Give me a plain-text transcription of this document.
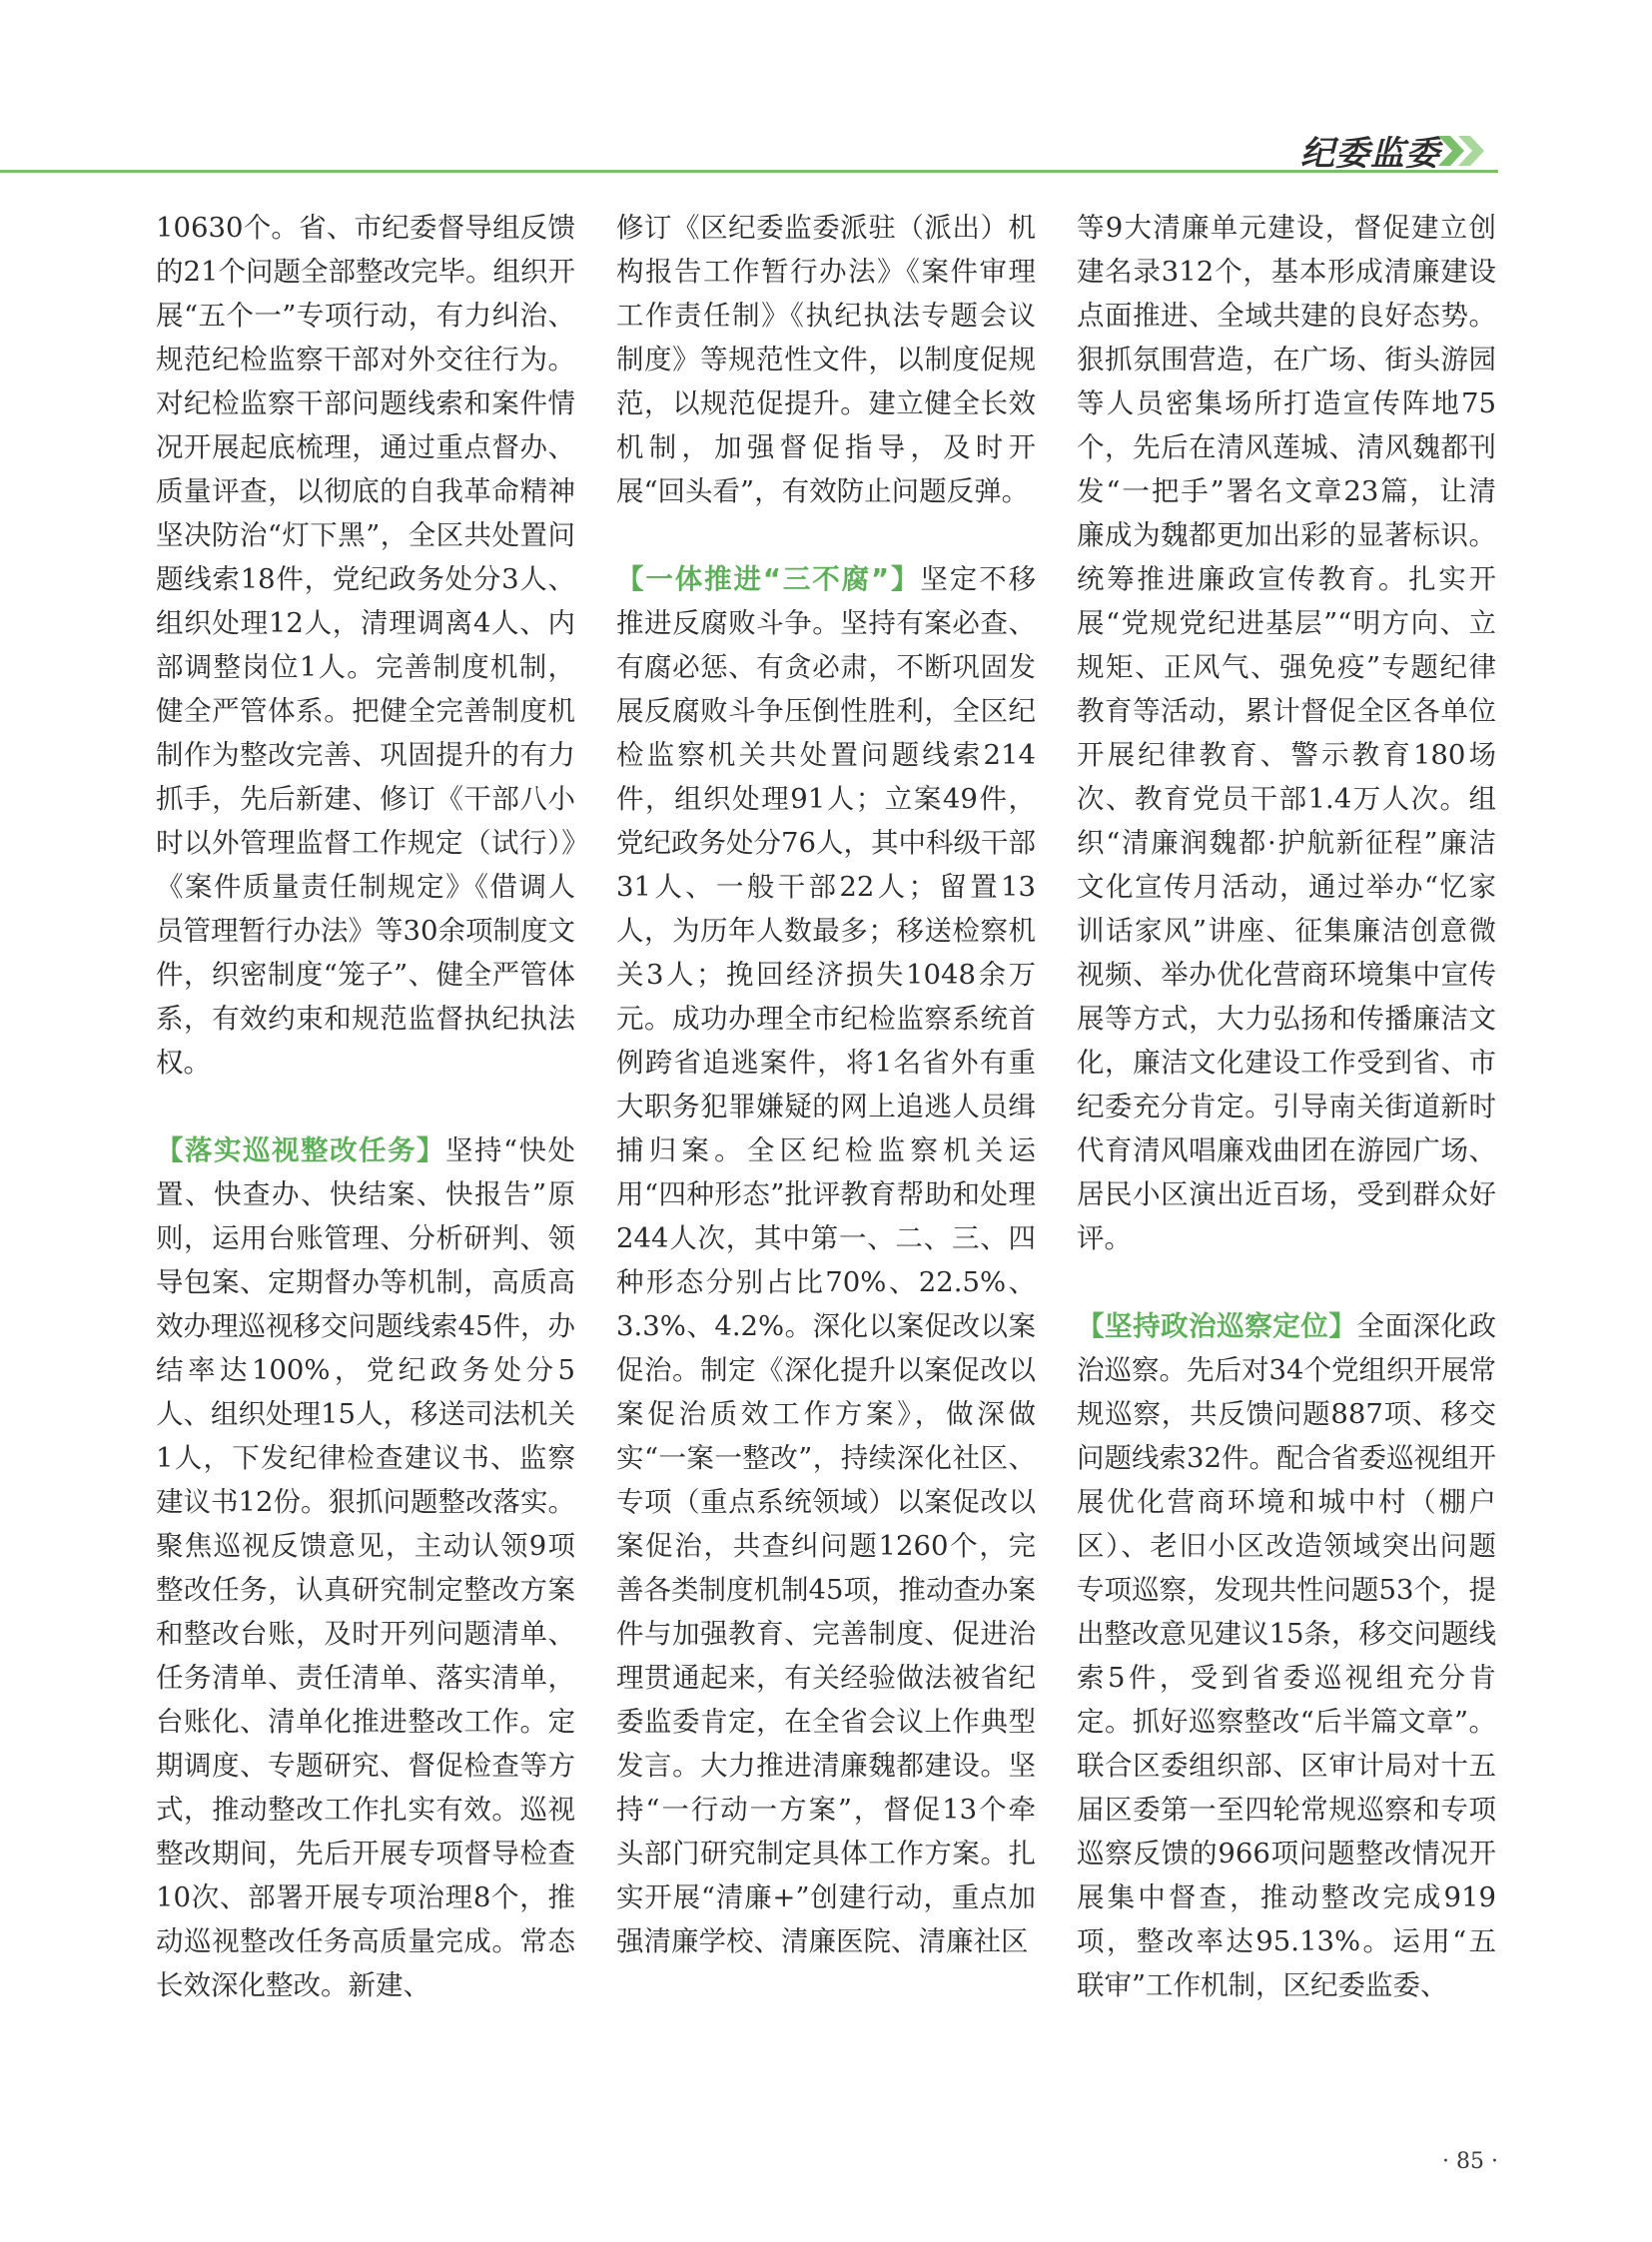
纪委监委

10630个。省、市纪委督导组反馈的21个问题全部整改完毕。组织开展“五个一”专项行动，有力纠治、规范纪检监察干部对外交往行为。对纪检监察干部问题线索和案件情况开展起底梳理，通过重点督办、质量评查，以彻底的自我革命精神坚决防治“灯下黑”，全区共处置问题线索18件，党纪政务处分3人、组织处理12人，清理调离4人、内部调整岗位1人。完善制度机制，健全严管体系。把健全完善制度机制作为整改完善、巩固提升的有力抓手，先后新建、修订《干部八小时以外管理监督工作规定（试行）》《案件质量责任制规定》《借调人员管理暂行办法》等30余项制度文件，织密制度“笼子”、健全严管体系，有效约束和规范监督执纪执法权。

【落实巡视整改任务】坚持“快处置、快查办、快结案、快报告”原则，运用台账管理、分析研判、领导包案、定期督办等机制，高质高效办理巡视移交问题线索45件，办结率达100%，党纪政务处分5人、组织处理15人，移送司法机关1人，下发纪律检查建议书、监察建议书12份。狠抓问题整改落实。聚焦巡视反馈意见，主动认领9项整改任务，认真研究制定整改方案和整改台账，及时开列问题清单、任务清单、责任清单、落实清单，台账化、清单化推进整改工作。定期调度、专题研究、督促检查等方式，推动整改工作扎实有效。巡视整改期间，先后开展专项督导检查10次、部署开展专项治理8个，推动巡视整改任务高质量完成。常态长效深化整改。新建、

修订《区纪委监委派驻（派出）机构报告工作暂行办法》《案件审理工作责任制》《执纪执法专题会议制度》等规范性文件，以制度促规范，以规范促提升。建立健全长效机制，加强督促指导，及时开展“回头看”，有效防止问题反弹。

【一体推进“三不腐”】坚定不移推进反腐败斗争。坚持有案必查、有腐必惩、有贪必肃，不断巩固发展反腐败斗争压倒性胜利，全区纪检监察机关共处置问题线索214件，组织处理91人；立案49件，党纪政务处分76人，其中科级干部31人、一般干部22人；留置13人，为历年人数最多；移送检察机关3人；挽回经济损失1048余万元。成功办理全市纪检监察系统首例跨省追逃案件，将1名省外有重大职务犯罪嫌疑的网上追逃人员缉捕归案。全区纪检监察机关运用“四种形态”批评教育帮助和处理244人次，其中第一、二、三、四种形态分别占比70%、22.5%、3.3%、4.2%。深化以案促改以案促治。制定《深化提升以案促改以案促治质效工作方案》，做深做实“一案一整改”，持续深化社区、专项（重点系统领域）以案促改以案促治，共查纠问题1260个，完善各类制度机制45项，推动查办案件与加强教育、完善制度、促进治理贯通起来，有关经验做法被省纪委监委肯定，在全省会议上作典型发言。大力推进清廉魏都建设。坚持“一行动一方案”，督促13个牵头部门研究制定具体工作方案。扎实开展“清廉+”创建行动，重点加强清廉学校、清廉医院、清廉社区

等9大清廉单元建设，督促建立创建名录312个，基本形成清廉建设点面推进、全域共建的良好态势。狠抓氛围营造，在广场、街头游园等人员密集场所打造宣传阵地75个，先后在清风莲城、清风魏都刊发“一把手”署名文章23篇，让清廉成为魏都更加出彩的显著标识。统筹推进廉政宣传教育。扎实开展“党规党纪进基层”“明方向、立规矩、正风气、强免疫”专题纪律教育等活动，累计督促全区各单位开展纪律教育、警示教育180场次、教育党员干部1.4万人次。组织“清廉润魏都·护航新征程”廉洁文化宣传月活动，通过举办“忆家训话家风”讲座、征集廉洁创意微视频、举办优化营商环境集中宣传展等方式，大力弘扬和传播廉洁文化，廉洁文化建设工作受到省、市纪委充分肯定。引导南关街道新时代育清风唱廉戏曲团在游园广场、居民小区演出近百场，受到群众好评。

【坚持政治巡察定位】全面深化政治巡察。先后对34个党组织开展常规巡察，共反馈问题887项、移交问题线索32件。配合省委巡视组开展优化营商环境和城中村（棚户区）、老旧小区改造领域突出问题专项巡察，发现共性问题53个，提出整改意见建议15条，移交问题线索5件，受到省委巡视组充分肯定。抓好巡察整改“后半篇文章”。联合区委组织部、区审计局对十五届区委第一至四轮常规巡察和专项巡察反馈的966项问题整改情况开展集中督查，推动整改完成919项，整改率达95.13%。运用“五联审”工作机制，区纪委监委、

· 85 ·
